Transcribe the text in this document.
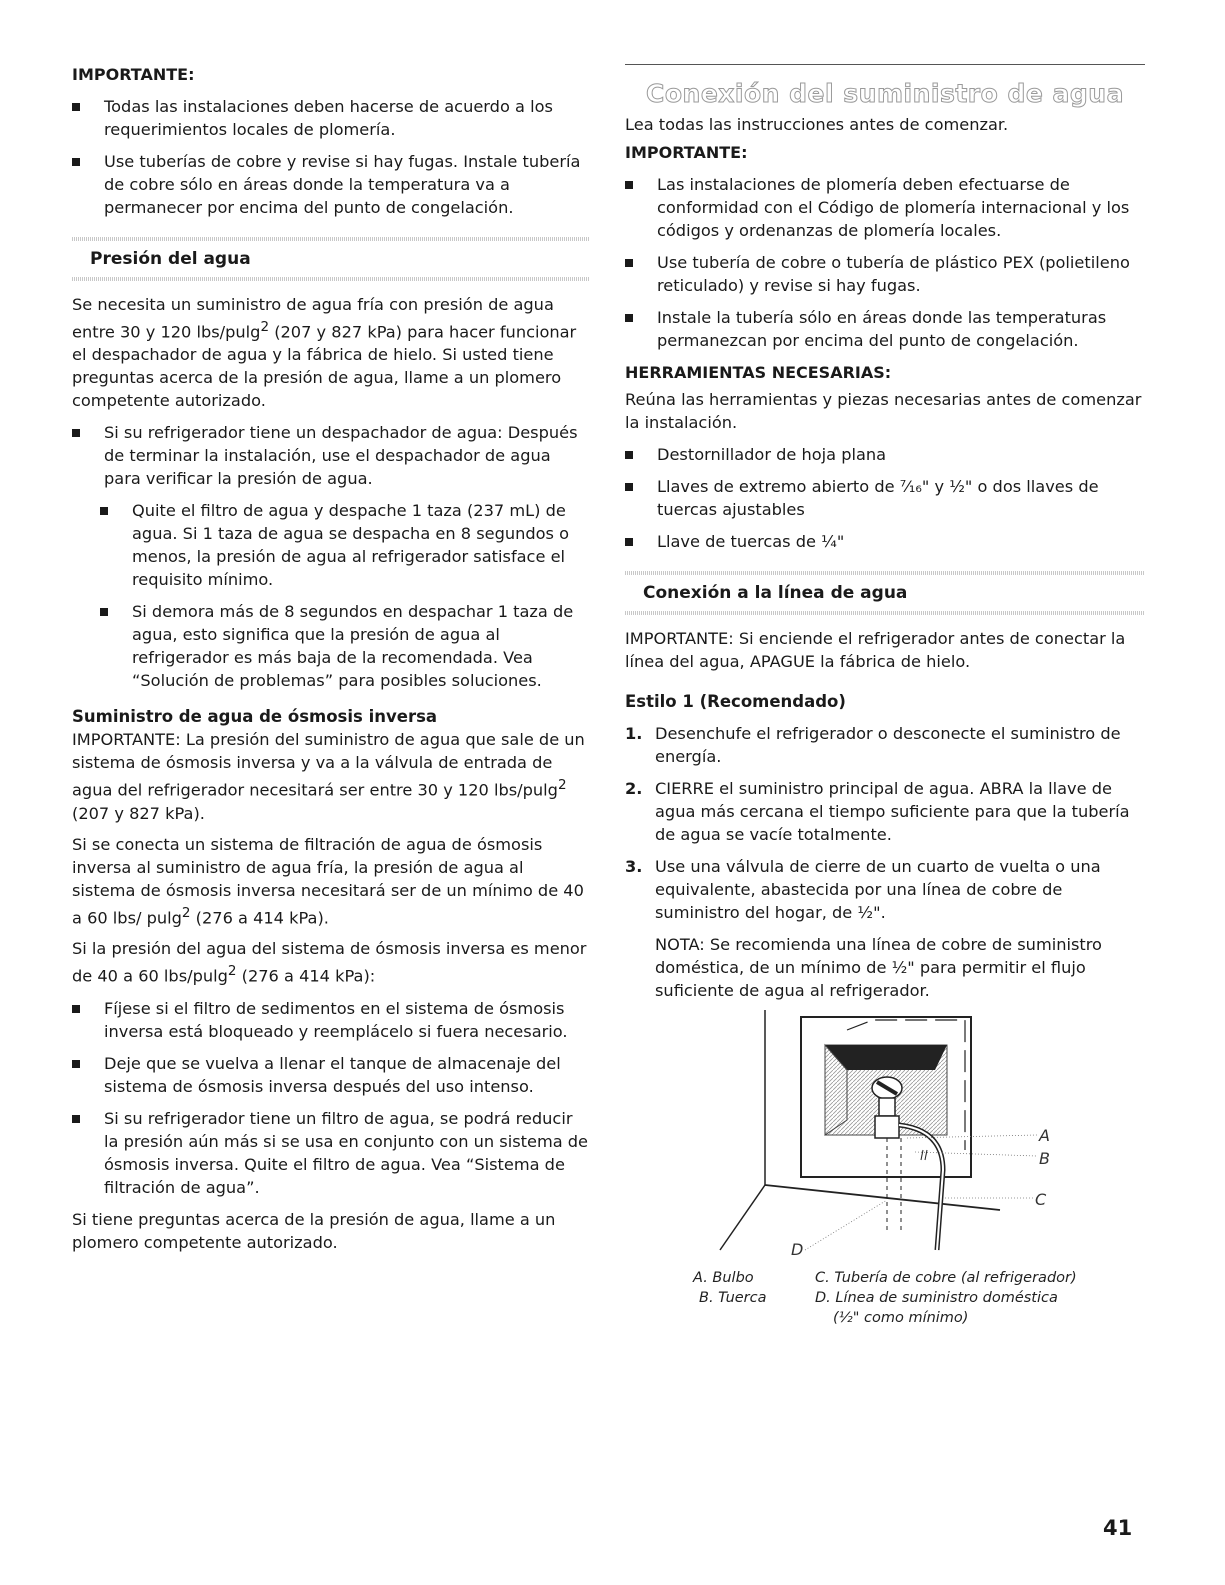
IMPORTANTE:
Todas las instalaciones deben hacerse de acuerdo a los requerimientos locales de plomería.
Use tuberías de cobre y revise si hay fugas. Instale tubería de cobre sólo en áreas donde la temperatura va a permanecer por encima del punto de congelación.
Presión del agua

Se necesita un suministro de agua fría con presión de agua entre 30 y 120 lbs/pulg$^2$ (207 y 827 kPa) para hacer funcionar el despachador de agua y la fábrica de hielo. Si usted tiene preguntas acerca de la presión de agua, llame a un plomero competente autorizado.

Si su refrigerador tiene un despachador de agua: Después de terminar la instalación, use el despachador de agua para verificar la presión de agua.
Quite el filtro de agua y despache 1 taza (237 mL) de agua. Si 1 taza de agua se despacha en 8 segundos o menos, la presión de agua al refrigerador satisface el requisito mínimo.
Si demora más de 8 segundos en despachar 1 taza de agua, esto significa que la presión de agua al refrigerador es más baja de la recomendada. Vea “Solución de problemas” para posibles soluciones.
Suministro de agua de ósmosis inversa

IMPORTANTE: La presión del suministro de agua que sale de un sistema de ósmosis inversa y va a la válvula de entrada de agua del refrigerador necesitará ser entre 30 y 120 lbs/pulg$^2$ (207 y 827 kPa).

Si se conecta un sistema de filtración de agua de ósmosis inversa al suministro de agua fría, la presión de agua al sistema de ósmosis inversa necesitará ser de un mínimo de 40 a 60 lbs/ pulg$^2$ (276 a 414 kPa).

Si la presión del agua del sistema de ósmosis inversa es menor de 40 a 60 lbs/pulg$^2$ (276 a 414 kPa):

Fíjese si el filtro de sedimentos en el sistema de ósmosis inversa está bloqueado y reemplácelo si fuera necesario.
Deje que se vuelva a llenar el tanque de almacenaje del sistema de ósmosis inversa después del uso intenso.
Si su refrigerador tiene un filtro de agua, se podrá reducir la presión aún más si se usa en conjunto con un sistema de ósmosis inversa. Quite el filtro de agua. Vea “Sistema de filtración de agua”.

Si tiene preguntas acerca de la presión de agua, llame a un plomero competente autorizado.

Conexión del suministro de agua

Lea todas las instrucciones antes de comenzar.

IMPORTANTE:
Las instalaciones de plomería deben efectuarse de conformidad con el Código de plomería internacional y los códigos y ordenanzas de plomería locales.
Use tubería de cobre o tubería de plástico PEX (polietileno reticulado) y revise si hay fugas.
Instale la tubería sólo en áreas donde las temperaturas permanezcan por encima del punto de congelación.
HERRAMIENTAS NECESARIAS:

Reúna las herramientas y piezas necesarias antes de comenzar la instalación.

Destornillador de hoja plana
Llaves de extremo abierto de ⁷⁄₁₆" y ½" o dos llaves de tuercas ajustables
Llave de tuercas de ¼"
Conexión a la línea de agua

IMPORTANTE: Si enciende el refrigerador antes de conectar la línea del agua, APAGUE la fábrica de hielo.

Estilo 1 (Recomendado)
1. Desenchufe el refrigerador o desconecte el suministro de energía.
2. CIERRE el suministro principal de agua. ABRA la llave de agua más cercana el tiempo suficiente para que la tubería de agua se vacíe totalmente.
3. Use una válvula de cierre de un cuarto de vuelta o una equivalente, abastecida por una línea de cobre de suministro del hogar, de ½".

NOTA: Se recomienda una línea de cobre de suministro doméstica, de un mínimo de ½" para permitir el flujo suficiente de agua al refrigerador.

A
B
C
D
A. Bulbo
B. Tuerca
C. Tubería de cobre (al refrigerador)
D. Línea de suministro doméstica
(½" como mínimo)
41
